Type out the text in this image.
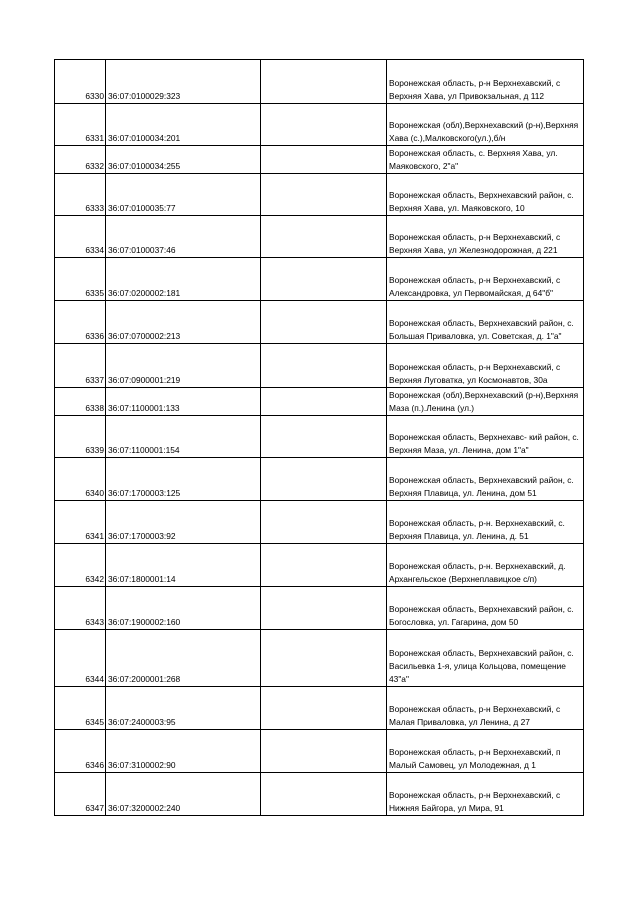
6330	36:07:0100029:323		Воронежская область, р-н Верхнехавский, с Верхняя Хава, ул Привокзальная, д 112
6331	36:07:0100034:201		Воронежская (обл),Верхнехавский (р-н),Верхняя Хава (с.),Малковского(ул.),б/н
6332	36:07:0100034:255		Воронежская область, с. Верхняя Хава, ул. Маяковского, 2"а"
6333	36:07:0100035:77		Воронежская область, Верхнехавский район, с. Верхняя Хава, ул. Маяковского, 10
6334	36:07:0100037:46		Воронежская область, р-н Верхнехавский, с Верхняя Хава, ул Железнодорожная, д 221
6335	36:07:0200002:181		Воронежская область, р-н Верхнехавский, с Александровка, ул Первомайская, д 64"б"
6336	36:07:0700002:213		Воронежская область, Верхнехавский район, с. Большая Приваловка, ул. Советская, д. 1"а"
6337	36:07:0900001:219		Воронежская область, р-н Верхнехавский, с Верхняя Луговатка, ул Космонавтов, 30а
6338	36:07:1100001:133		Воронежская (обл),Верхнехавский (р-н),Верхняя Маза (п.).Ленина (ул.)
6339	36:07:1100001:154		Воронежская область, Верхнехавс- кий район, с. Верхняя Маза, ул. Ленина, дом 1"а"
6340	36:07:1700003:125		Воронежская область, Верхнехавский район, с. Верхняя Плавица, ул. Ленина, дом 51
6341	36:07:1700003:92		Воронежская область, р-н. Верхнехавский, с. Верхняя Плавица, ул. Ленина, д. 51
6342	36:07:1800001:14		Воронежская область, р-н. Верхнехавский, д. Архангельское (Верхнеплавицкое с/п)
6343	36:07:1900002:160		Воронежская область, Верхнехавский район, с. Богословка, ул. Гагарина, дом 50
6344	36:07:2000001:268		Воронежская область, Верхнехавский район, с. Васильевка 1-я, улица Кольцова, помещение 43"а"
6345	36:07:2400003:95		Воронежская область, р-н Верхнехавский, с Малая Приваловка, ул Ленина, д 27
6346	36:07:3100002:90		Воронежская область, р-н Верхнехавский, п Малый Самовец, ул Молодежная, д 1
6347	36:07:3200002:240		Воронежская область, р-н Верхнехавский, с Нижняя Байгора, ул Мира, 91
